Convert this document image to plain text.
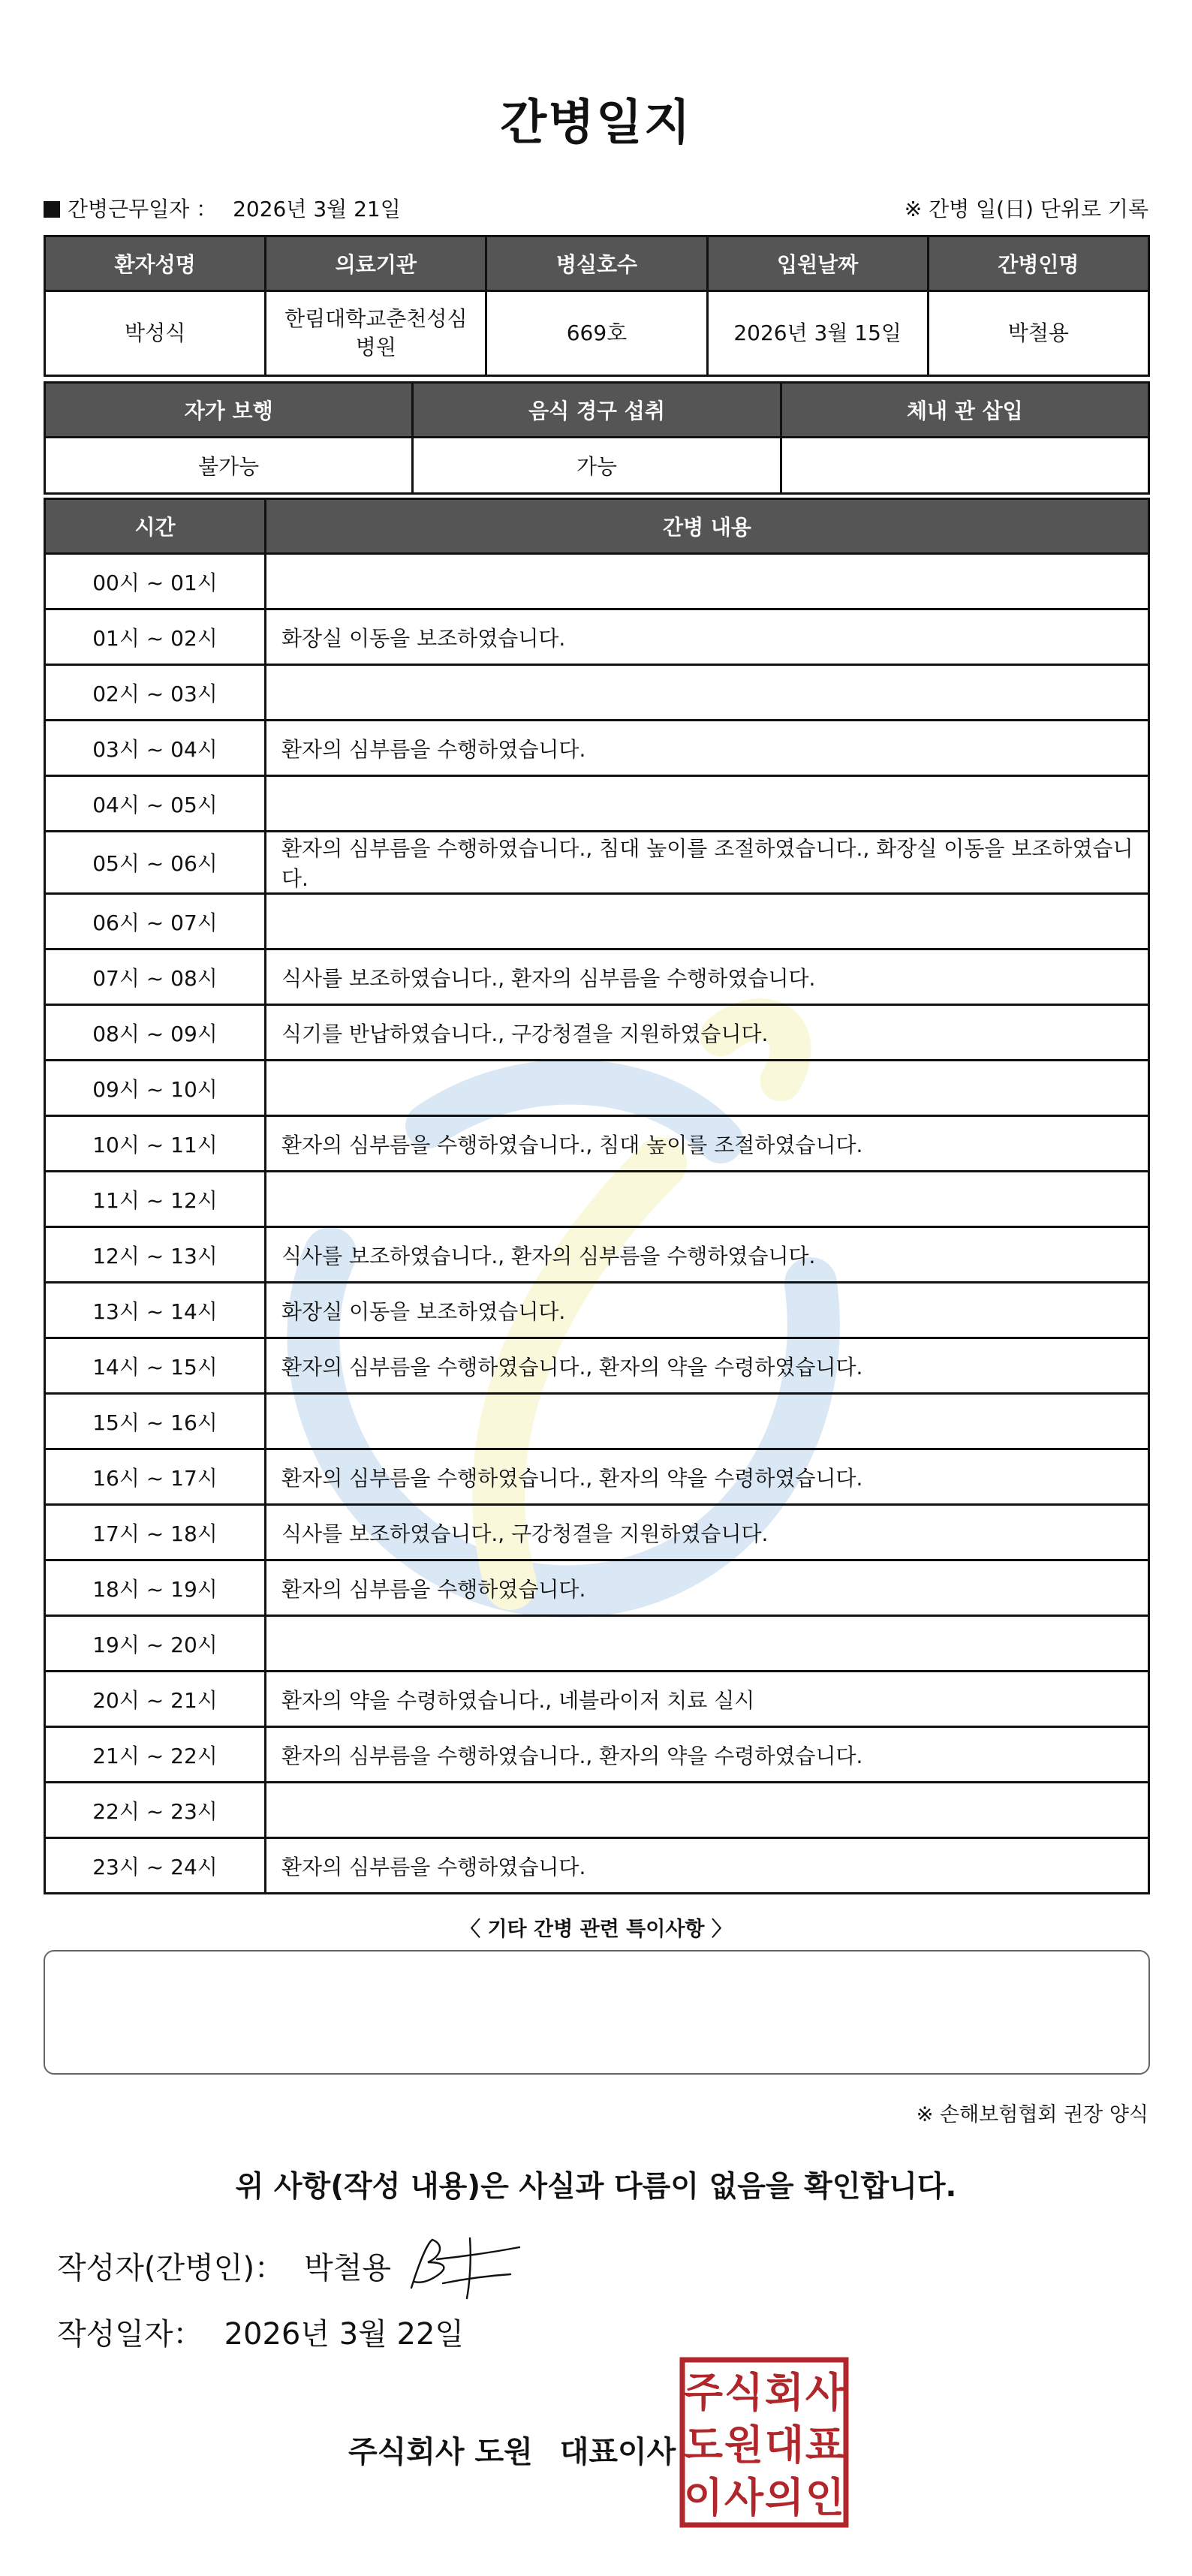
간병일지
간병근무일자 ： 2026년 3월 21일	※ 간병 일(日) 단위로 기록
환자성명	의료기관	병실호수	입원날짜	간병인명
박성식	한림대학교춘천성심병원	669호	2026년 3월 15일	박철용
자가 보행	음식 경구 섭취	체내 관 삽입
불가능	가능	
시간	간병 내용
00시 ~ 01시	
01시 ~ 02시	화장실 이동을 보조하였습니다.
02시 ~ 03시	
03시 ~ 04시	환자의 심부름을 수행하였습니다.
04시 ~ 05시	
05시 ~ 06시	환자의 심부름을 수행하였습니다., 침대 높이를 조절하였습니다., 화장실 이동을 보조하였습니다.
06시 ~ 07시	
07시 ~ 08시	식사를 보조하였습니다., 환자의 심부름을 수행하였습니다.
08시 ~ 09시	식기를 반납하였습니다., 구강청결을 지원하였습니다.
09시 ~ 10시	
10시 ~ 11시	환자의 심부름을 수행하였습니다., 침대 높이를 조절하였습니다.
11시 ~ 12시	
12시 ~ 13시	식사를 보조하였습니다., 환자의 심부름을 수행하였습니다.
13시 ~ 14시	화장실 이동을 보조하였습니다.
14시 ~ 15시	환자의 심부름을 수행하였습니다., 환자의 약을 수령하였습니다.
15시 ~ 16시	
16시 ~ 17시	환자의 심부름을 수행하였습니다., 환자의 약을 수령하였습니다.
17시 ~ 18시	식사를 보조하였습니다., 구강청결을 지원하였습니다.
18시 ~ 19시	환자의 심부름을 수행하였습니다.
19시 ~ 20시	
20시 ~ 21시	환자의 약을 수령하였습니다., 네블라이저 치료 실시
21시 ~ 22시	환자의 심부름을 수행하였습니다., 환자의 약을 수령하였습니다.
22시 ~ 23시	
23시 ~ 24시	환자의 심부름을 수행하였습니다.
〈 기타 간병 관련 특이사항 〉
※ 손해보험협회 권장 양식
위 사항(작성 내용)은 사실과 다름이 없음을 확인합니다.
작성자(간병인)： 박철용
작성일자： 2026년 3월 22일
주식회사 도원 대표이사
주 식 회 사
도 원 대 표
이 사 의 인
